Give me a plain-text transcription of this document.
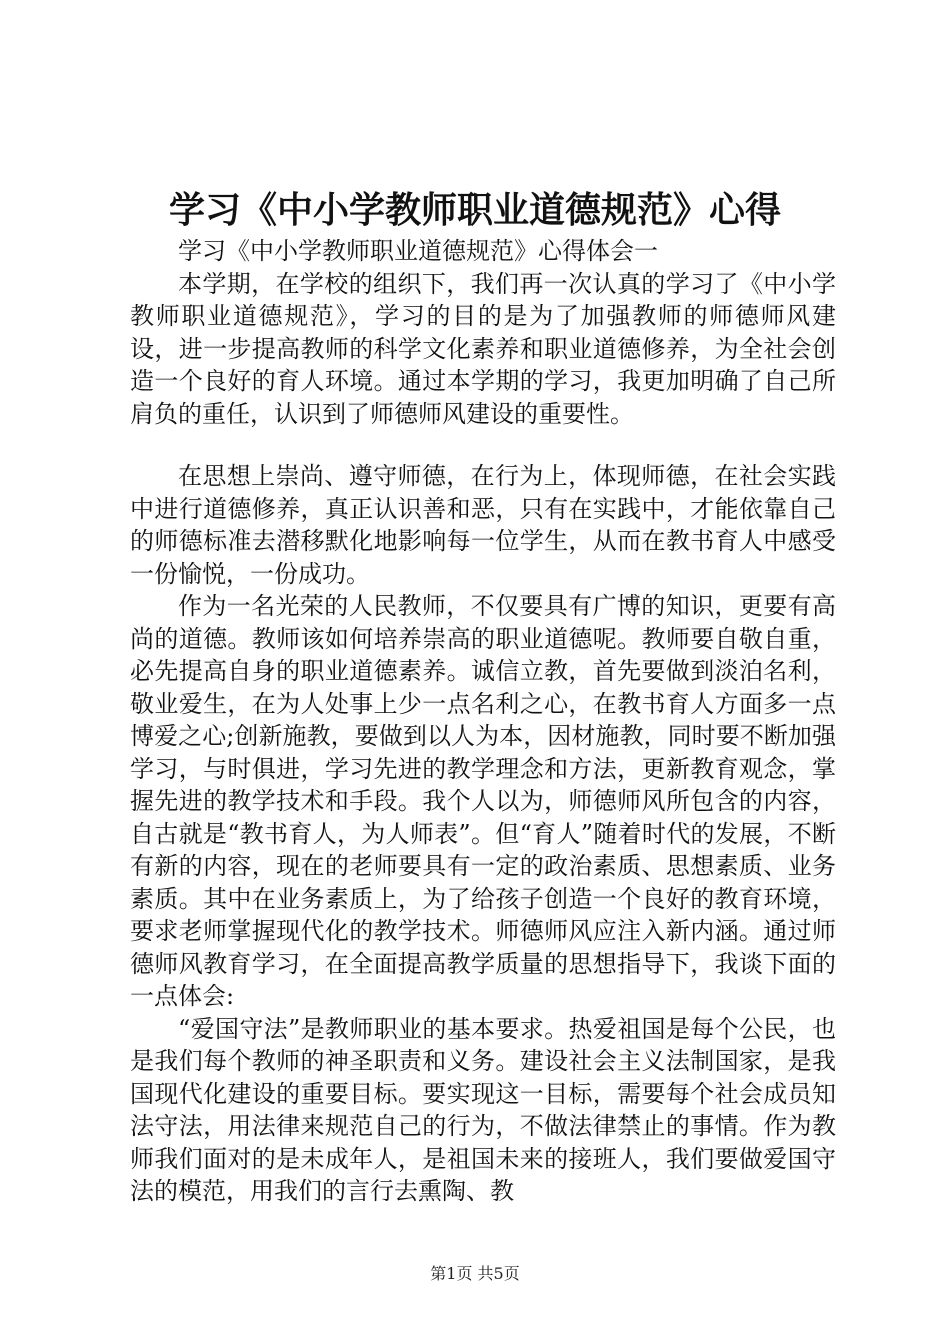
学习《中小学教师职业道德规范》心得

学习《中小学教师职业道德规范》心得体会一

本学期，在学校的组织下，我们再一次认真的学习了《中小学教师职业道德规范》，学习的目的是为了加强教师的师德师风建设，进一步提高教师的科学文化素养和职业道德修养，为全社会创造一个良好的育人环境。通过本学期的学习，我更加明确了自己所肩负的重任，认识到了师德师风建设的重要性。

在思想上崇尚、遵守师德，在行为上，体现师德，在社会实践中进行道德修养，真正认识善和恶，只有在实践中，才能依靠自己的师德标准去潜移默化地影响每一位学生，从而在教书育人中感受一份愉悦，一份成功。

作为一名光荣的人民教师，不仅要具有广博的知识，更要有高尚的道德。教师该如何培养崇高的职业道德呢。教师要自敬自重，必先提高自身的职业道德素养。诚信立教，首先要做到淡泊名利，敬业爱生，在为人处事上少一点名利之心，在教书育人方面多一点博爱之心;创新施教，要做到以人为本，因材施教，同时要不断加强学习，与时俱进，学习先进的教学理念和方法，更新教育观念，掌握先进的教学技术和手段。我个人以为，师德师风所包含的内容，自古就是“教书育人，为人师表”。但“育人”随着时代的发展，不断有新的内容，现在的老师要具有一定的政治素质、思想素质、业务素质。其中在业务素质上，为了给孩子创造一个良好的教育环境，要求老师掌握现代化的教学技术。师德师风应注入新内涵。通过师德师风教育学习，在全面提高教学质量的思想指导下，我谈下面的一点体会:

“爱国守法”是教师职业的基本要求。热爱祖国是每个公民，也是我们每个教师的神圣职责和义务。建设社会主义法制国家，是我国现代化建设的重要目标。要实现这一目标，需要每个社会成员知法守法，用法律来规范自己的行为，不做法律禁止的事情。作为教师我们面对的是未成年人，是祖国未来的接班人，我们要做爱国守法的模范，用我们的言行去熏陶、教

第1页 共5页
